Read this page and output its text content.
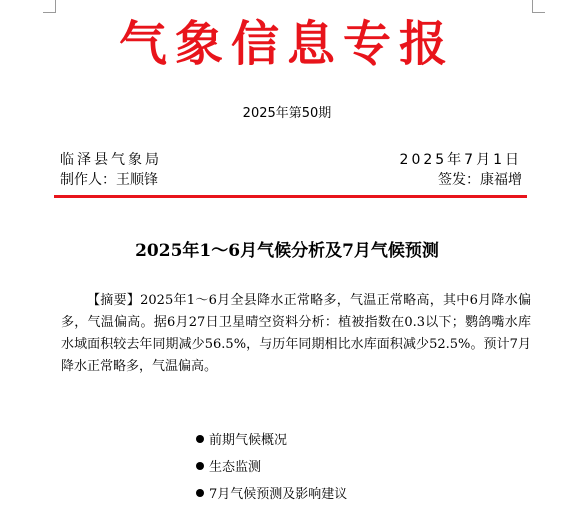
气象信息专报
2025年第50期
临泽县气象局	2025年7月1日
制作人：王顺锋	签发：康福增
2025年1～6月气候分析及7月气候预测
【摘要】2025年1～6月全县降水正常略多，气温正常略高，其中6月降水偏多，气温偏高。据6月27日卫星晴空资料分析：植被指数在0.3以下；鹦鸽嘴水库水域面积较去年同期减少56.5%，与历年同期相比水库面积减少52.5%。预计7月降水正常略多，气温偏高。
前期气候概况
生态监测
7月气候预测及影响建议
